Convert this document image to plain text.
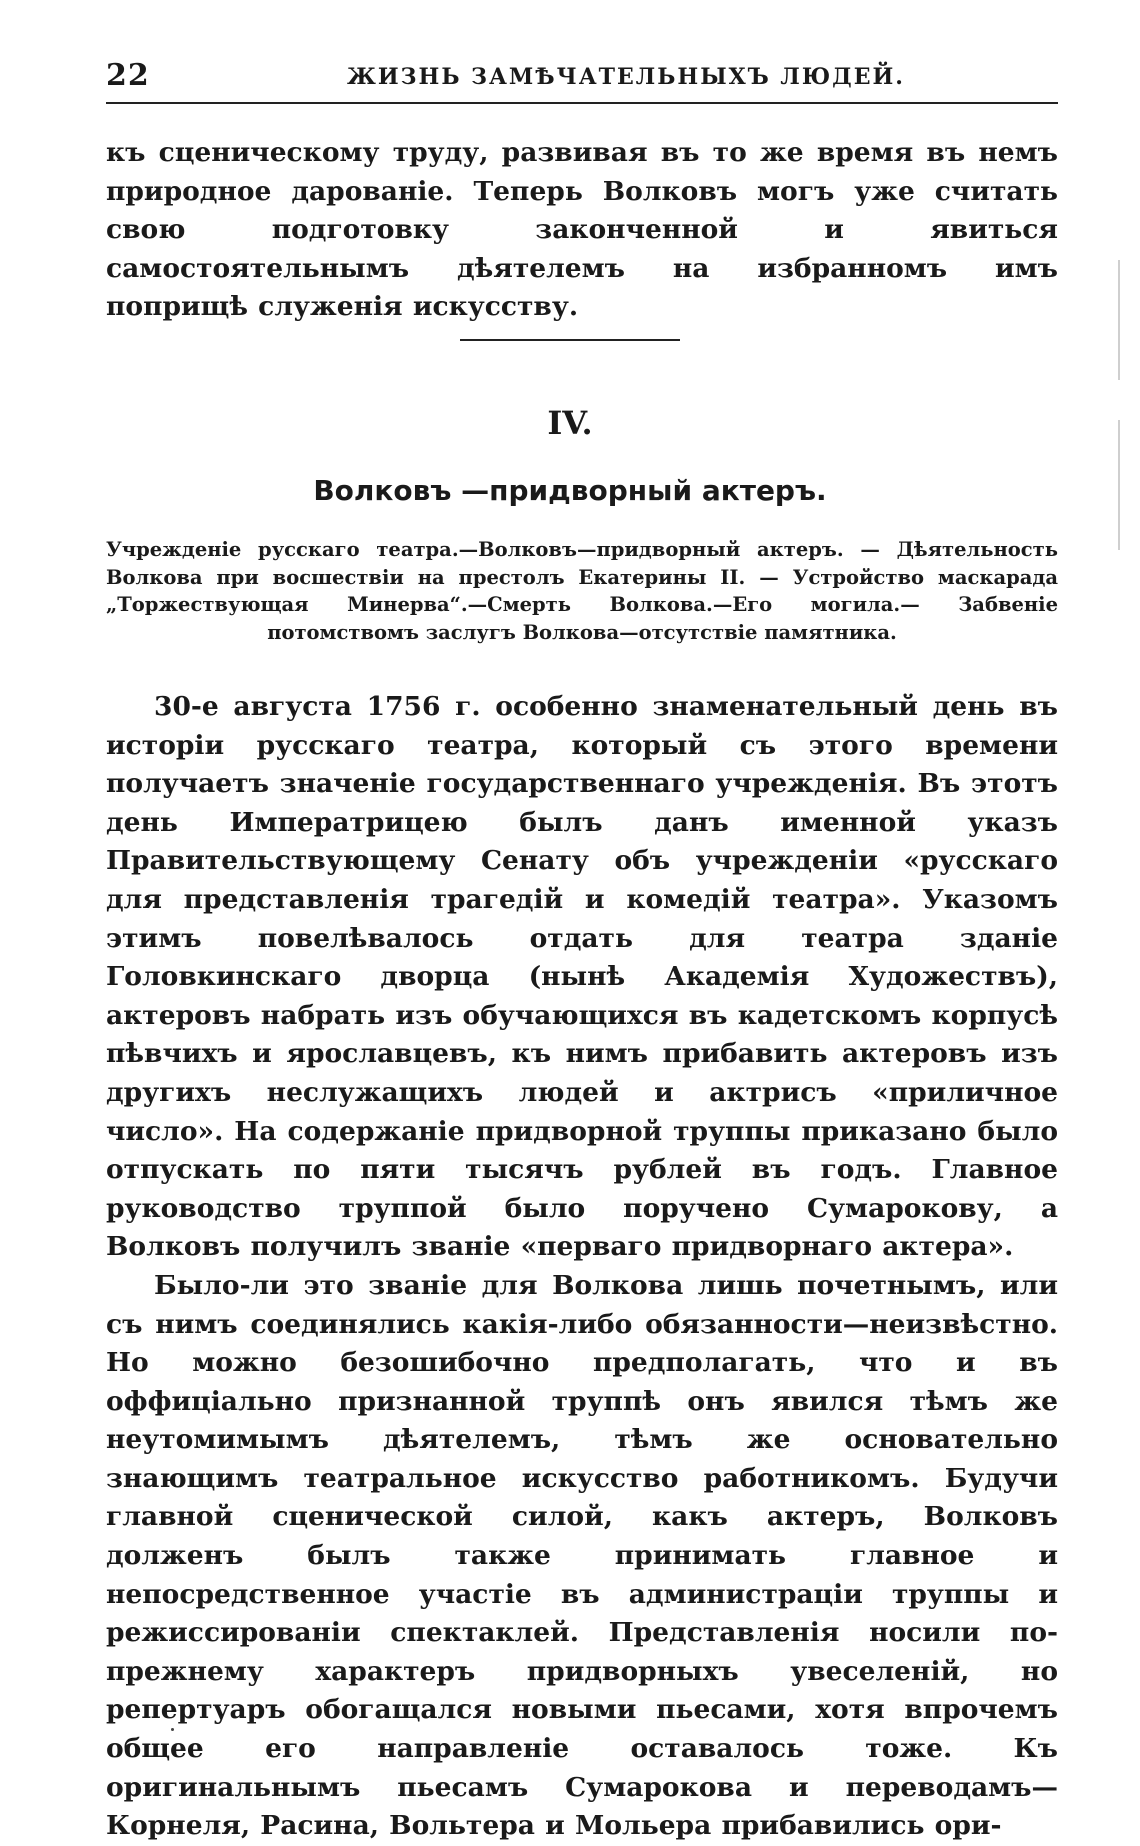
22	ЖИЗНЬ ЗАМѢЧАТЕЛЬНЫХЪ ЛЮДЕЙ.

къ сценическому труду, развивая въ то же время въ немъ природное дарованіе. Теперь Волковъ могъ уже считать свою подготовку законченной и явиться самостоятельнымъ дѣятелемъ на избранномъ имъ поприщѣ служенія искусству.

IV.
Волковъ —придворный актеръ.
Учрежденіе русскаго театра.—Волковъ—придворный актеръ. — Дѣятельность Волкова при восшествіи на престолъ Екатерины II. — Устройство маскарада „Торжествующая Минерва“.—Смерть Волкова.—Его могила.— Забвеніе потомствомъ заслугъ Волкова—отсутствіе памятника.

30-е августа 1756 г. особенно знаменательный день въ исторіи русскаго театра, который съ этого времени получаетъ значеніе государственнаго учрежденія. Въ этотъ день Императрицею былъ данъ именной указъ Правительствующему Сенату объ учрежденіи «русскаго для представленія трагедій и комедій театра». Указомъ этимъ повелѣвалось отдать для театра зданіе Головкинскаго дворца (нынѣ Академія Художествъ), актеровъ набрать изъ обучающихся въ кадетскомъ корпусѣ пѣвчихъ и ярославцевъ, къ нимъ прибавить актеровъ изъ другихъ неслужащихъ людей и актрисъ «приличное число». На содержаніе придворной труппы приказано было отпускать по пяти тысячъ рублей въ годъ. Главное руководство труппой было поручено Сумарокову, а Волковъ получилъ званіе «перваго придворнаго актера».

Было-ли это званіе для Волкова лишь почетнымъ, или съ нимъ соединялись какія-либо обязанности—неизвѣстно. Но можно безошибочно предполагать, что и въ оффиціально признанной труппѣ онъ явился тѣмъ же неутомимымъ дѣятелемъ, тѣмъ же основательно знающимъ театральное искусство работникомъ. Будучи главной сценической силой, какъ актеръ, Волковъ долженъ былъ также принимать главное и непосредственное участіе въ администраціи труппы и режиссированіи спектаклей. Представленія носили по-прежнему характеръ придворныхъ увеселеній, но репертуаръ обогащался новыми пьесами, хотя впрочемъ общее его направленіе оставалось тоже. Къ оригинальнымъ пьесамъ Сумарокова и переводамъ—Корнеля, Расина, Вольтера и Мольера прибавились ори-
